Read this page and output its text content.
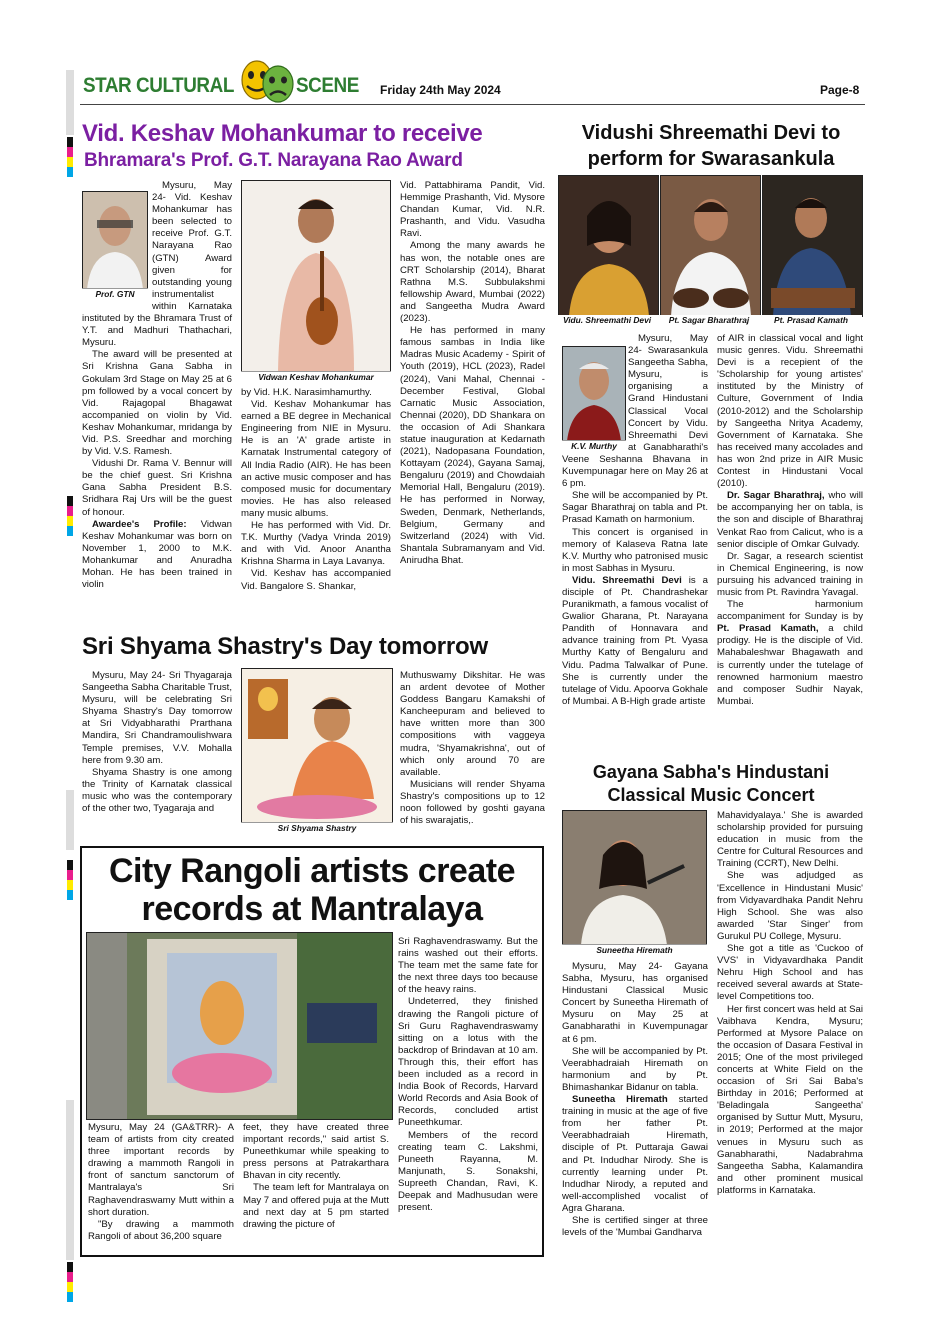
STAR CULTURAL	SCENE Friday 24th May 2024	Page-8
Vid. Keshav Mohankumar to receive
Bhramara's Prof. G.T. Narayana Rao Award
Prof. GTN

Mysuru, May 24- Vid. Keshav Mohankumar has been selected to receive Prof. G.T. Narayana Rao (GTN) Award given for outstanding young instrumentalist within Karnataka instituted by the Bhramara Trust of Y.T. and Madhuri Thathachari, Mysuru.

The award will be presented at Sri Krishna Gana Sabha in Gokulam 3rd Stage on May 25 at 6 pm followed by a vocal concert by Vid. Rajagopal Bhagawat accompanied on violin by Vid. Keshav Mohankumar, mridanga by Vid. P.S. Sreedhar and morching by Vid. V.S. Ramesh.

Vidushi Dr. Rama V. Bennur will be the chief guest. Sri Krishna Gana Sabha President B.S. Sridhara Raj Urs will be the guest of honour.

Awardee's Profile: Vidwan Keshav Mohankumar was born on November 1, 2000 to M.K. Mohankumar and Anuradha Mohan. He has been trained in violin

Vidwan Keshav Mohankumar

by Vid. H.K. Narasimhamurthy.

Vid. Keshav Mohankumar has earned a BE degree in Mechanical Engineering from NIE in Mysuru. He is an 'A' grade artiste in Karnatak Instrumental category of All India Radio (AIR). He has been an active music composer and has composed music for documentary movies. He has also released many music albums.

He has performed with Vid. Dr. T.K. Murthy (Vadya Vrinda 2019) and with Vid. Anoor Anantha Krishna Sharma in Laya Lavanya.

Vid. Keshav has accompanied Vid. Bangalore S. Shankar,

Vid. Pattabhirama Pandit, Vid. Hemmige Prashanth, Vid. Mysore Chandan Kumar, Vid. N.R. Prashanth, and Vidu. Vasudha Ravi.

Among the many awards he has won, the notable ones are CRT Scholarship (2014), Bharat Rathna M.S. Subbulakshmi fellowship Award, Mumbai (2022) and Sangeetha Mudra Award (2023).

He has performed in many famous sambas in India like Madras Music Academy - Spirit of Youth (2019), HCL (2023), Radel (2024), Vani Mahal, Chennai - December Festival, Global Carnatic Music Association, Chennai (2020), DD Shankara on the occasion of Adi Shankara statue inauguration at Kedarnath (2021), Nadopasana Foundation, Kottayam (2024), Gayana Samaj, Bengaluru (2019) and Chowdaiah Memorial Hall, Bengaluru (2019). He has performed in Norway, Sweden, Denmark, Netherlands, Belgium, Germany and Switzerland (2024) with Vid. Shantala Subramanyam and Vid. Anirudha Bhat.

Vidushi Shreemathi Devi to perform for Swarasankula
Vidu. Shreemathi Devi	Pt. Sagar Bharathraj	Pt. Prasad Kamath
K.V. Murthy

Mysuru, May 24- Swarasankula Sangeetha Sabha, Mysuru, is organising a Grand Hindustani Classical Vocal Concert by Vidu. Shreemathi Devi at Ganabharathi's Veene Seshanna Bhavana in Kuvempunagar here on May 26 at 6 pm.

She will be accompanied by Pt. Sagar Bharathraj on tabla and Pt. Prasad Kamath on harmonium.

This concert is organised in memory of Kalaseva Ratna late K.V. Murthy who patronised music in most Sabhas in Mysuru.

Vidu. Shreemathi Devi is a disciple of Pt. Chandrashekar Puranikmath, a famous vocalist of Gwalior Gharana, Pt. Narayana Pandith of Honnavara and advance training from Pt. Vyasa Murthy Katty of Bengaluru and Vidu. Padma Talwalkar of Pune. She is currently under the tutelage of Vidu. Apoorva Gokhale of Mumbai. A B-High grade artiste

of AIR in classical vocal and light music genres. Vidu. Shreemathi Devi is a recepient of the 'Scholarship for young artistes' instituted by the Ministry of Culture, Government of India (2010-2012) and the Scholarship by Sangeetha Nritya Academy, Government of Karnataka. She has received many accolades and has won 2nd prize in AIR Music Contest in Hindustani Vocal (2010).

Dr. Sagar Bharathraj, who will be accompanying her on tabla, is the son and disciple of Bharathraj Venkat Rao from Calicut, who is a senior disciple of Omkar Gulvady.

Dr. Sagar, a research scientist in Chemical Engineering, is now pursuing his advanced training in music from Pt. Ravindra Yavagal.

The harmonium accompaniment for Sunday is by Pt. Prasad Kamath, a child prodigy. He is the disciple of Vid. Mahabaleshwar Bhagawath and is currently under the tutelage of renowned harmonium maestro and composer Sudhir Nayak, Mumbai.

Sri Shyama Shastry's Day tomorrow

Mysuru, May 24- Sri Thyagaraja Sangeetha Sabha Charitable Trust, Mysuru, will be celebrating Sri Shyama Shastry's Day tomorrow at Sri Vidyabharathi Prarthana Mandira, Sri Chandramoulishwara Temple premises, V.V. Mohalla here from 9.30 am.

Shyama Shastry is one among the Trinity of Karnatak classical music who was the contemporary of the other two, Tyagaraja and

Sri Shyama Shastry

Muthuswamy Dikshitar. He was an ardent devotee of Mother Goddess Bangaru Kamakshi of Kancheepuram and believed to have written more than 300 compositions with vaggeya mudra, 'Shyamakrishna', out of which only around 70 are available.

Musicians will render Shyama Shastry's compositions up to 12 noon followed by goshti gayana of his swarajatis,.

City Rangoli artists create
records at Mantralaya

Mysuru, May 24 (GA&TRR)- A team of artists from city created three important records by drawing a mammoth Rangoli in front of sanctum sanctorum of Mantralaya's Sri Raghavendraswamy Mutt within a short duration.

"By drawing a mammoth Rangoli of about 36,200 square

feet, they have created three important records," said artist S. Puneethkumar while speaking to press persons at Patrakarthara Bhavan in city recently.

The team left for Mantralaya on May 7 and offered puja at the Mutt and next day at 5 pm started drawing the picture of

Sri Raghavendraswamy. But the rains washed out their efforts. The team met the same fate for the next three days too because of the heavy rains.

Undeterred, they finished drawing the Rangoli picture of Sri Guru Raghavendraswamy sitting on a lotus with the backdrop of Brindavan at 10 am. Through this, their effort has been included as a record in India Book of Records, Harvard World Records and Asia Book of Records, concluded artist Puneethkumar.

Members of the record creating team C. Lakshmi, Puneeth Rayanna, M. Manjunath, S. Sonakshi, Supreeth Chandan, Ravi, K. Deepak and Madhusudan were present.

Gayana Sabha's Hindustani
Classical Music Concert
Suneetha Hiremath

Mysuru, May 24- Gayana Sabha, Mysuru, has organised Hindustani Classical Music Concert by Suneetha Hiremath of Mysuru on May 25 at Ganabharathi in Kuvempunagar at 6 pm.

She will be accompanied by Pt. Veerabhadraiah Hiremath on harmonium and by Pt. Bhimashankar Bidanur on tabla.

Suneetha Hiremath started training in music at the age of five from her father Pt. Veerabhadraiah Hiremath, disciple of Pt. Puttaraja Gawai and Pt. Indudhar Nirody. She is currently learning under Pt. Indudhar Nirody, a reputed and well-accomplished vocalist of Agra Gharana.

She is certified singer at three levels of the 'Mumbai Gandharva

Mahavidyalaya.' She is awarded scholarship provided for pursuing education in music from the Centre for Cultural Resources and Training (CCRT), New Delhi.

She was adjudged as 'Excellence in Hindustani Music' from Vidyavardhaka Pandit Nehru High School. She was also awarded 'Star Singer' from Gurukul PU College, Mysuru.

She got a title as 'Cuckoo of VVS' in Vidyavardhaka Pandit Nehru High School and has received several awards at State-level Competitions too.

Her first concert was held at Sai Vaibhava Kendra, Mysuru; Performed at Mysore Palace on the occasion of Dasara Festival in 2015; One of the most privileged concerts at White Field on the occasion of Sri Sai Baba's Birthday in 2016; Performed at 'Beladingala Sangeetha' organised by Suttur Mutt, Mysuru, in 2019; Performed at the major venues in Mysuru such as Ganabharathi, Nadabrahma Sangeetha Sabha, Kalamandira and other prominent musical platforms in Karnataka.
